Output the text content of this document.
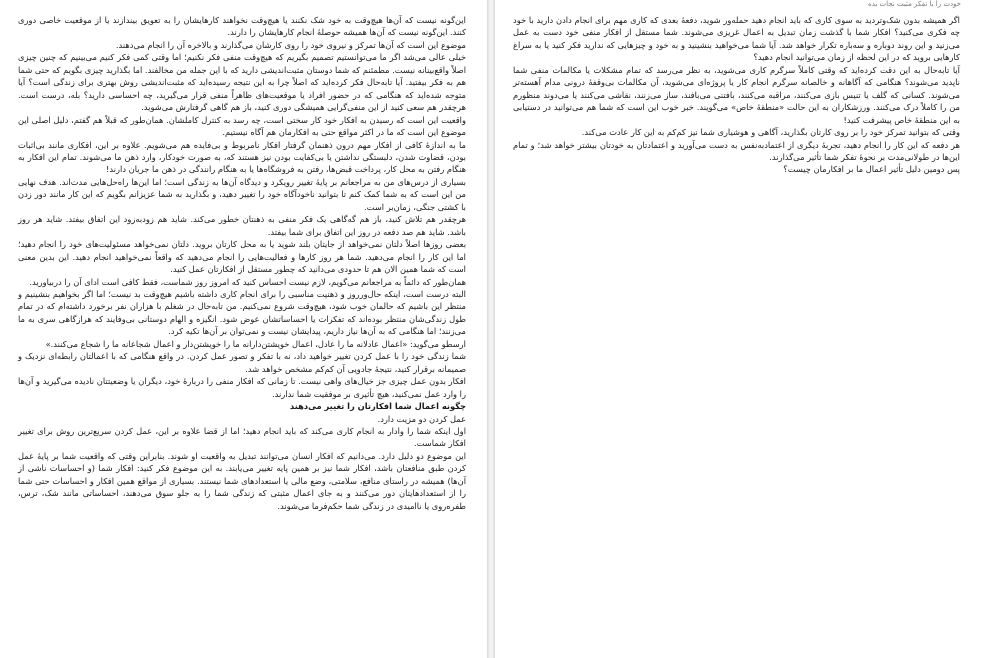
این‌گونه نیست که آن‌ها هیچ‌وقت به خود شک نکنند یا هیچ‌وقت نخواهند کارهایشان را به تعویق بیندازند یا از موقعیت خاصی دوری کنند. این‌گونه نیست که آن‌ها همیشه حوصلهٔ انجام کارهایشان را دارند.

موضوع این است که آن‌ها تمرکز و نیروی خود را روی کارشان می‌گذارند و بالاخره آن را انجام می‌دهند.

خیلی عالی می‌شد اگر ما می‌توانستیم تصمیم بگیریم که هیچ‌وقت منفی فکر نکنیم؛ اما وقتی کمی فکر کنیم می‌بینیم که چنین چیزی اصلاً واقع‌بینانه نیست. مطمئنم که شما دوستان مثبت‌اندیشی دارید که با این جمله من مخالفند. اما بگذارید چیزی بگویم که حتی شما هم به فکر بیفتید. آیا تابه‌حال فکر کرده‌اید که اصلاً چرا به این نتیجه رسیده‌اید که مثبت‌اندیشی روش بهتری برای زندگی است؟ آیا متوجه شده‌اید که هنگامی که در حضور افراد یا موقعیت‌های ظاهراً منفی قرار می‌گیرید، چه احساسی دارید؟ بله، درست است. هرچقدر هم سعی کنید از این منفی‌گرایی همیشگی دوری کنید، باز هم گاهی گرفتارش می‌شوید.

واقعیت این است که رسیدن به افکار خود کار سختی است، چه رسد به کنترل کاملشان. همان‌طور که قبلاً هم گفتم، دلیل اصلی این موضوع این است که ما در اکثر مواقع حتی به افکارمان هم آگاه نیستیم.

ما به اندازهٔ کافی از افکار مهم درون ذهنمان گرفتار افکار نامربوط و بی‌فایده هم می‌شویم. علاوه بر این، افکاری مانند بی‌اثبات بودن، قضاوت شدن، دلبستگی نداشتن یا بی‌کفایت بودن نیز هستند که، به صورت خودکار، وارد ذهن ما می‌شوند. تمام این افکار به هنگام رفتن به محل کار، پرداخت قبض‌ها، رفتن به فروشگاه‌ها یا به هنگام رانندگی در ذهن ما جریان دارند!

بسیاری از درس‌های من به مراجعانم بر پایهٔ تغییر رویکرد و دیدگاه آن‌ها به زندگی است؛ اما این‌ها راه‌حل‌هایی مدت‌اند. هدف نهایی من این است که به شما کمک کنم تا بتوانید ناخودآگاه خود را تغییر دهید، و بگذارید به شما عزیزانم بگویم که این کار مانند دور زدن با کشتی جنگی، زمان‌بر است.

هرچقدر هم تلاش کنید، باز هم گه‌گاهی یک فکر منفی به ذهنتان خطور می‌کند. شاید هم زودبه‌زود این اتفاق بیفتد. شاید هر روز باشد. شاید هم صد دفعه در روز این اتفاق برای شما بیفتد.

بعضی روزها اصلاً دلتان نمی‌خواهد از جایتان بلند شوید یا به محل کارتان بروید. دلتان نمی‌خواهد مسئولیت‌های خود را انجام دهید؛ اما این کار را انجام می‌دهید. شما هر روز کارها و فعالیت‌هایی را انجام می‌دهید که واقعاً نمی‌خواهید انجام دهید. این بدین معنی است که شما همین الان هم تا حدودی می‌دانید که چطور مستقل از افکارتان عمل کنید.

همان‌طور که دائماً به مراجعانم می‌گویم، لازم نیست احساس کنید که امروز روز شماست، فقط کافی است ادای آن را دربیاورید.

البته درست است، اینکه حال‌ورروز و ذهنیت مناسبی را برای انجام کاری داشته باشیم هیچ‌وقت بد نیست؛ اما اگر بخواهیم بنشینیم و منتظر این باشیم که حالمان خوب شود، هیچ‌وقت شروع نمی‌کنیم. من تابه‌حال در شغلم با هزاران نفر برخورد داشته‌ام که در تمام طول زندگی‌شان منتظر بوده‌اند که تفکرات یا احساساتشان عوض شود. انگیزه و الهام دوستانی بی‌وفایند که هرازگاهی سری به ما می‌زنند؛ اما هنگامی که به آن‌ها نیاز داریم، پیدایشان نیست و نمی‌توان بر آن‌ها تکیه کرد.

ارسطو می‌گوید: «اعمال عادلانه ما را عادل، اعمال خویشتن‌دارانه ما را خویشتن‌دار و اعمال شجاعانه ما را شجاع می‌کنند.»

شما زندگی خود را با عمل کردن تغییر خواهید داد، نه با تفکر و تصور عمل کردن. در واقع هنگامی که با اعمالتان رابطه‌ای نزدیک و صمیمانه برقرار کنید، نتیجهٔ جادویی آن کم‌کم مشخص خواهد شد.

افکار بدون عمل چیزی جز خیال‌های واهی نیست. تا زمانی که افکار منفی را دربارهٔ خود، دیگران یا وضعیتتان نادیده می‌گیرید و آن‌ها را وارد عمل نمی‌کنید، هیچ تأثیری بر موفقیت شما ندارند.

چگونه اعمال شما افکارتان را تغییر می‌دهند

عمل کردن دو مزیت دارد.

اول اینکه شما را وادار به انجام کاری می‌کند که باید انجام دهید؛ اما از قضا علاوه بر این، عمل کردن سریع‌ترین روش برای تغییر افکار شماست.

این موضوع دو دلیل دارد. می‌دانیم که افکار انسان می‌توانند تبدیل به واقعیت او شوند. بنابراین وقتی که واقعیت شما بر پایهٔ عمل کردن طبق منافعتان باشد، افکار شما نیز بر همین پایه تغییر می‌یابند. به این موضوع فکر کنید: افکار شما (و احساسات ناشی از آن‌ها) همیشه در راستای منافع، سلامتی، وضع مالی یا استعدادهای شما نیستند. بسیاری از مواقع همین افکار و احساسات حتی شما را از استعدادهایتان دور می‌کنند و به جای اعمال مثبتی که زندگی شما را به جلو سوق می‌دهند، احساساتی مانند شک، ترس، طفره‌روی یا ناامیدی در زندگی شما حکم‌فرما می‌شوند.

خودت را با تفکر مثبت نجات بده

اگر همیشه بدون شک‌وتردید به سوی کاری که باید انجام دهید حمله‌ور شوید، دفعهٔ بعدی که کاری مهم برای انجام دادن دارید با خود چه فکری می‌کنید؟ افکار شما با گذشت زمان تبدیل به اعمال غریزی می‌شوند. شما مستقل از افکار منفی خود دست به عمل می‌زنید و این روند دوباره و سه‌باره تکرار خواهد شد. آیا شما می‌خواهید بنشینید و به خود و چیزهایی که ندارید فکر کنید یا به سراغ کارهایی بروید که در این لحظه از زمان می‌توانید انجام دهید؟

آیا تابه‌حال به این دقت کرده‌اید که وقتی کاملاً سرگرم کاری می‌شوید، به نظر می‌رسد که تمام مشکلات یا مکالمات منفی شما ناپدید می‌شوند؟ هنگامی که آگاهانه و خالصانه سرگرم انجام کار یا پروژه‌ای می‌شوید، آن مکالمات بی‌وقفهٔ درونی مدام آهسته‌تر می‌شوند. کسانی که گلف یا تنیس بازی می‌کنند، مراقبه می‌کنند، بافتنی می‌بافند، ساز می‌زنند، نقاشی می‌کنند یا می‌دوند منظورم من را کاملاً درک می‌کنند. ورزشکاران به این حالت «منطقهٔ خاص» می‌گویند. خبر خوب این است که شما هم می‌توانید در دستیابی به این منطقهٔ خاص پیشرفت کنید!

وقتی که بتوانید تمرکز خود را بر روی کارتان بگذارید، آگاهی و هوشیاری شما نیز کم‌کم به این کار عادت می‌کند.

هر دفعه که این کار را انجام دهید، تجربهٔ دیگری از اعتمادبه‌نفس به دست می‌آورید و اعتمادتان به خودتان بیشتر خواهد شد؛ و تمام این‌ها در طولانی‌مدت بر نحوهٔ تفکر شما تأثیر می‌گذارند.

پس دومین دلیل تأثیر اعمال ما بر افکارمان چیست؟
